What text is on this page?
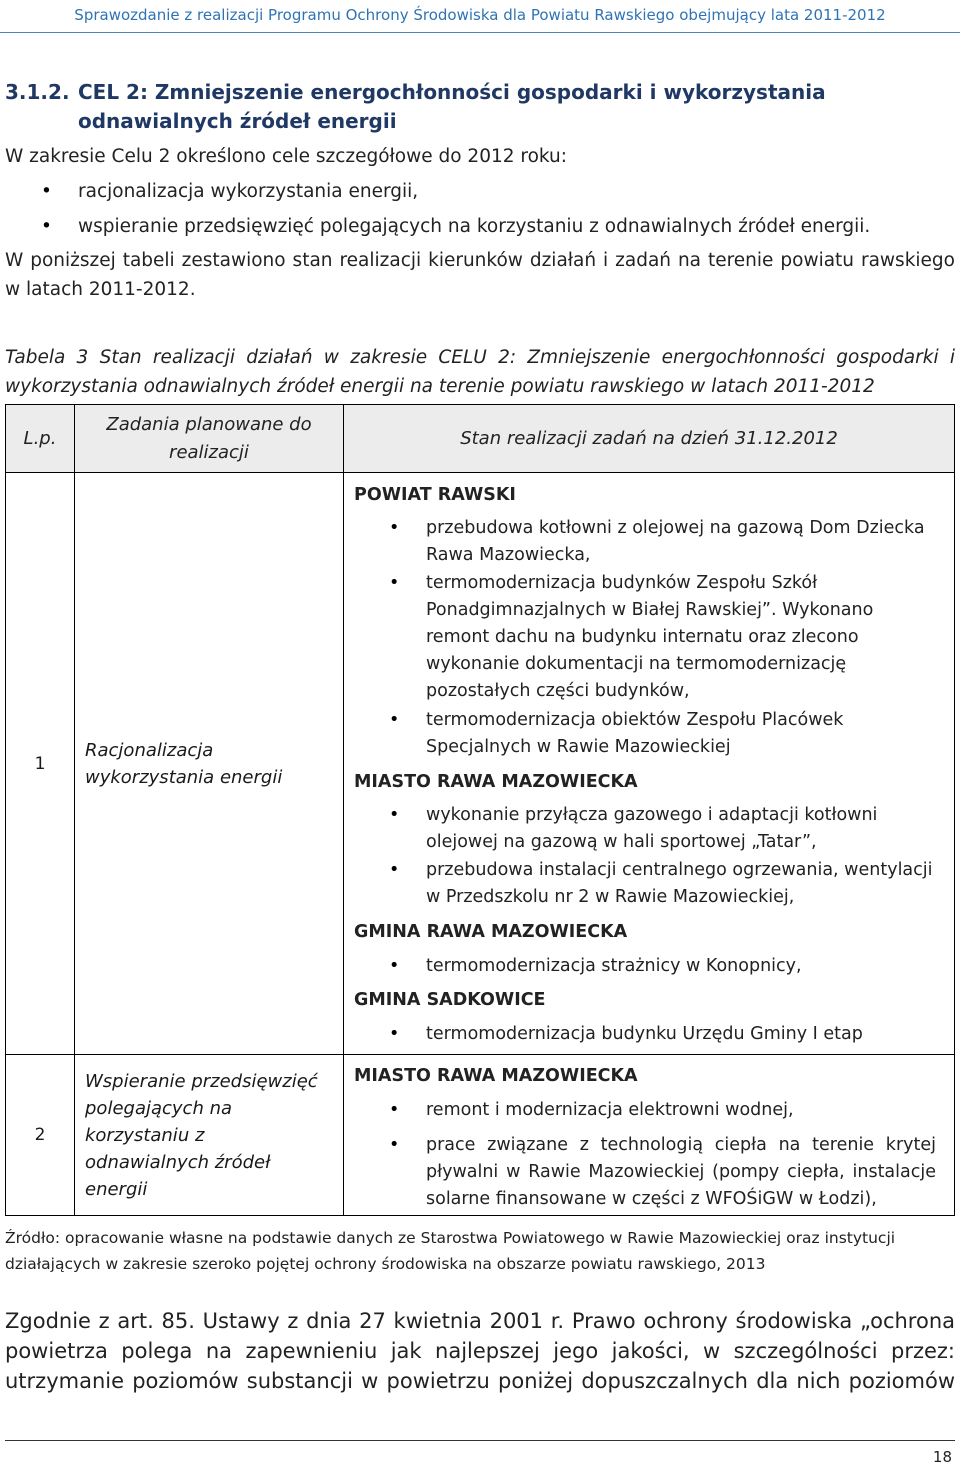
Sprawozdanie z realizacji Programu Ochrony Środowiska dla Powiatu Rawskiego obejmujący lata 2011-2012
3.1.2. CEL 2: Zmniejszenie energochłonności gospodarki i wykorzystania odnawialnych źródeł energii
W zakresie Celu 2 określono cele szczegółowe do 2012 roku:
• racjonalizacja wykorzystania energii,
• wspieranie przedsięwzięć polegających na korzystaniu z odnawialnych źródeł energii.
W poniższej tabeli zestawiono stan realizacji kierunków działań i zadań na terenie powiatu rawskiego w latach 2011-2012.
Tabela 3 Stan realizacji działań w zakresie CELU 2: Zmniejszenie energochłonności gospodarki i wykorzystania odnawialnych źródeł energii na terenie powiatu rawskiego w latach 2011-2012
L.p.
Zadania planowane do realizacji
Stan realizacji zadań na dzień 31.12.2012
1
Racjonalizacja wykorzystania energii
POWIAT RAWSKI
• przebudowa kotłowni z olejowej na gazową Dom Dziecka Rawa Mazowiecka,
• termomodernizacja budynków Zespołu Szkół Ponadgimnazjalnych w Białej Rawskiej”. Wykonano remont dachu na budynku internatu oraz zlecono wykonanie dokumentacji na termomodernizację pozostałych części budynków,
• termomodernizacja obiektów Zespołu Placówek Specjalnych w Rawie Mazowieckiej
MIASTO RAWA MAZOWIECKA
• wykonanie przyłącza gazowego i adaptacji kotłowni olejowej na gazową w hali sportowej „Tatar”,
• przebudowa instalacji centralnego ogrzewania, wentylacji w Przedszkolu nr 2 w Rawie Mazowieckiej,
GMINA RAWA MAZOWIECKA
• termomodernizacja strażnicy w Konopnicy,
GMINA SADKOWICE
• termomodernizacja budynku Urzędu Gminy I etap
2
Wspieranie przedsięwzięć polegających na korzystaniu z odnawialnych źródeł energii
MIASTO RAWA MAZOWIECKA
• remont i modernizacja elektrowni wodnej,
• prace związane z technologią ciepła na terenie krytej pływalni w Rawie Mazowieckiej (pompy ciepła, instalacje solarne finansowane w części z WFOŚiGW w Łodzi),
Źródło: opracowanie własne na podstawie danych ze Starostwa Powiatowego w Rawie Mazowieckiej oraz instytucji działających w zakresie szeroko pojętej ochrony środowiska na obszarze powiatu rawskiego, 2013
Zgodnie z art. 85. Ustawy z dnia 27 kwietnia 2001 r. Prawo ochrony środowiska „ochrona powietrza polega na zapewnieniu jak najlepszej jego jakości, w szczególności przez: utrzymanie poziomów substancji w powietrzu poniżej dopuszczalnych dla nich poziomów
18
